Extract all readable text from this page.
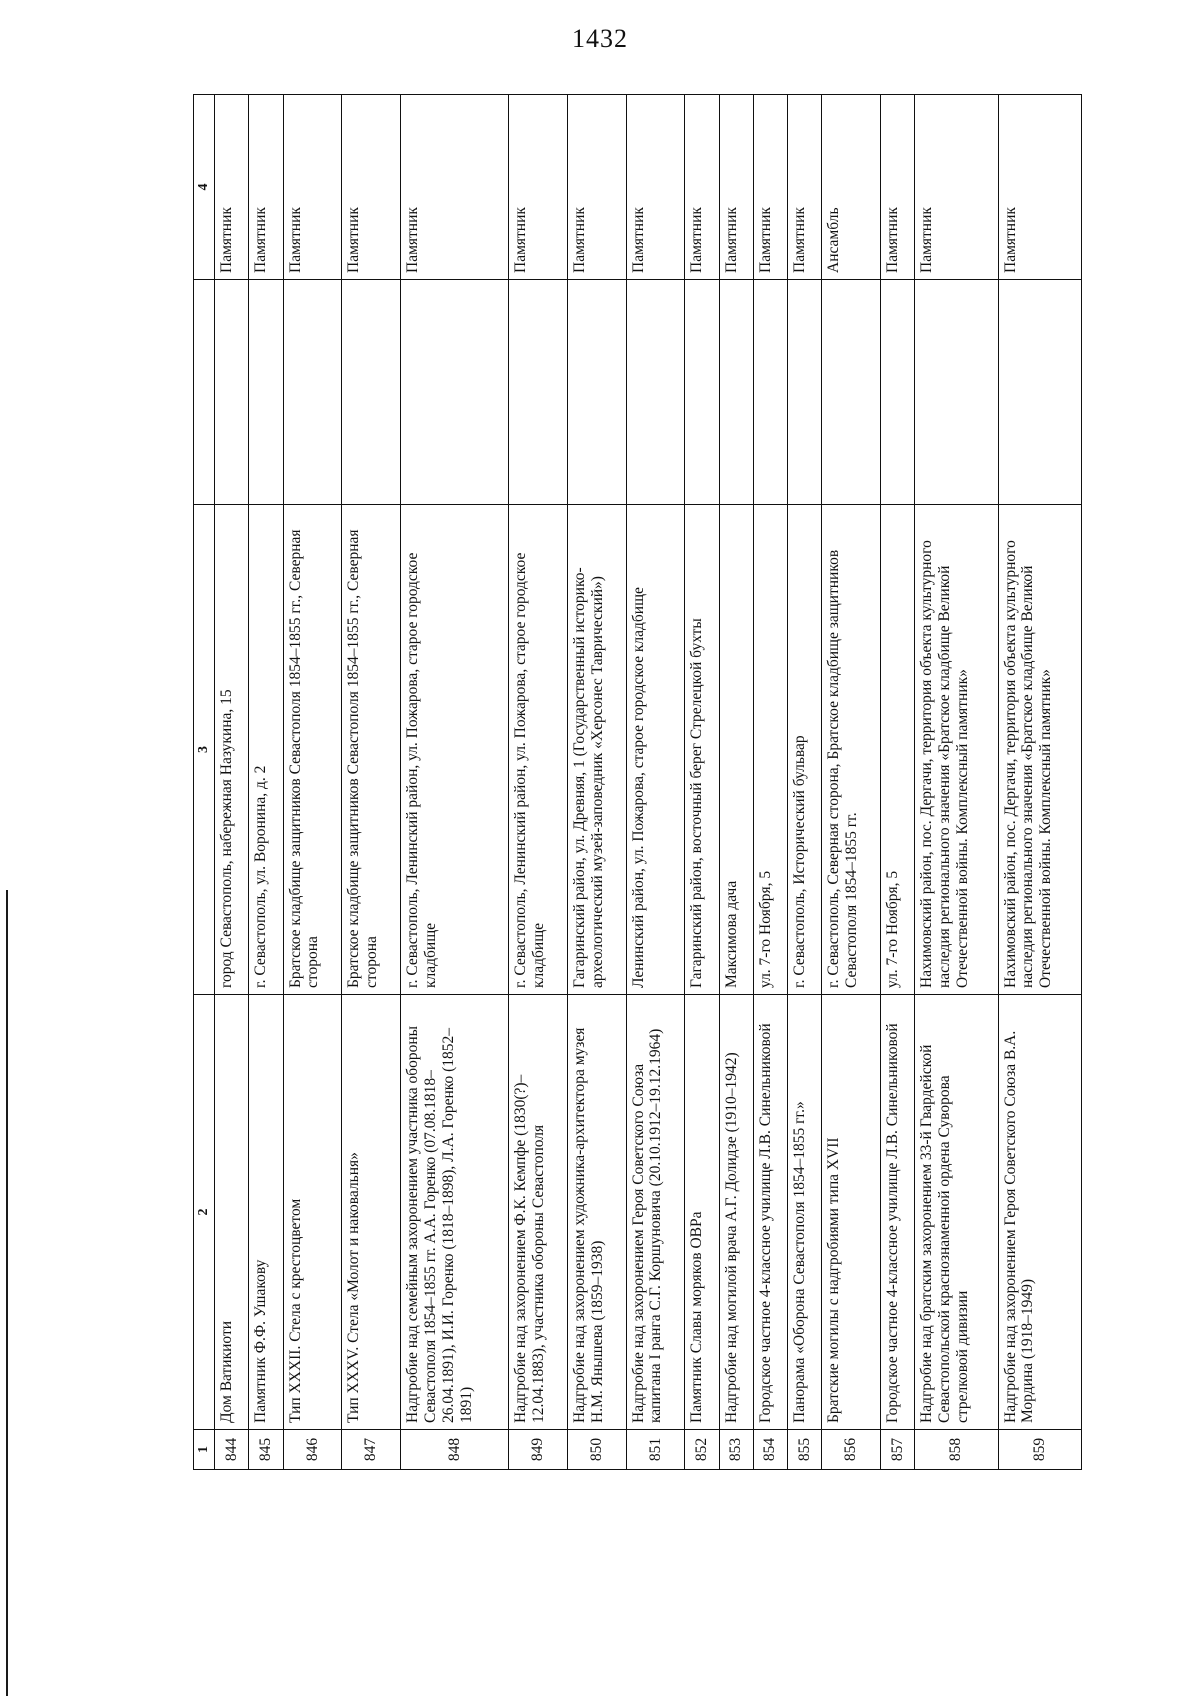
1432
1	2	3		4
844	Дом Ватикиоти	город Севастополь, набережная Назукина, 15		Памятник
845	Памятник Ф.Ф. Ушакову	г. Севастополь, ул. Воронина, д. 2		Памятник
846	Тип XXXII. Стела с крестоцветом	Братское кладбище защитников Севастополя 1854–1855 гг., Северная сторона		Памятник
847	Тип XXXV. Стела «Молот и наковальня»	Братское кладбище защитников Севастополя 1854–1855 гг., Северная сторона		Памятник
848	Надгробие над семейным захоронением участника обороны Севастополя 1854–1855 гг. А.А. Горенко (07.08.1818–26.04.1891), И.И. Горенко (1818–1898), Л.А. Горенко (1852–1891)	г. Севастополь, Ленинский район, ул. Пожарова, старое городское кладбище		Памятник
849	Надгробие над захоронением Ф.К. Кемпфе (1830(?)–12.04.1883), участника обороны Севастополя	г. Севастополь, Ленинский район, ул. Пожарова, старое городское кладбище		Памятник
850	Надгробие над захоронением художника-архитектора музея Н.М. Янышева (1859–1938)	Гагаринский район, ул. Древняя, 1 (Государственный историко-археологический музей-заповедник «Херсонес Таврический»)		Памятник
851	Надгробие над захоронением Героя Советского Союза капитана I ранга С.Г. Коршуновича (20.10.1912–19.12.1964)	Ленинский район, ул. Пожарова, старое городское кладбище		Памятник
852	Памятник Славы моряков ОВРа	Гагаринский район, восточный берег Стрелецкой бухты		Памятник
853	Надгробие над могилой врача А.Г. Долидзе (1910–1942)	Максимова дача		Памятник
854	Городское частное 4-классное училище Л.В. Синельниковой	ул. 7-го Ноября, 5		Памятник
855	Панорама «Оборона Севастополя 1854–1855 гг.»	г. Севастополь, Исторический бульвар		Памятник
856	Братские могилы с надгробиями типа XVII	г. Севастополь, Северная сторона, Братское кладбище защитников Севастополя 1854–1855 гг.		Ансамбль
857	Городское частное 4-классное училище Л.В. Синельниковой	ул. 7-го Ноября, 5		Памятник
858	Надгробие над братским захоронением 33-й Гвардейской Севастопольской краснознаменной ордена Суворова стрелковой дивизии	Нахимовский район, пос. Дергачи, территория объекта культурного наследия регионального значения «Братское кладбище Великой Отечественной войны. Комплексный памятник»		Памятник
859	Надгробие над захоронением Героя Советского Союза В.А. Мордина (1918–1949)	Нахимовский район, пос. Дергачи, территория объекта культурного наследия регионального значения «Братское кладбище Великой Отечественной войны. Комплексный памятник»		Памятник
